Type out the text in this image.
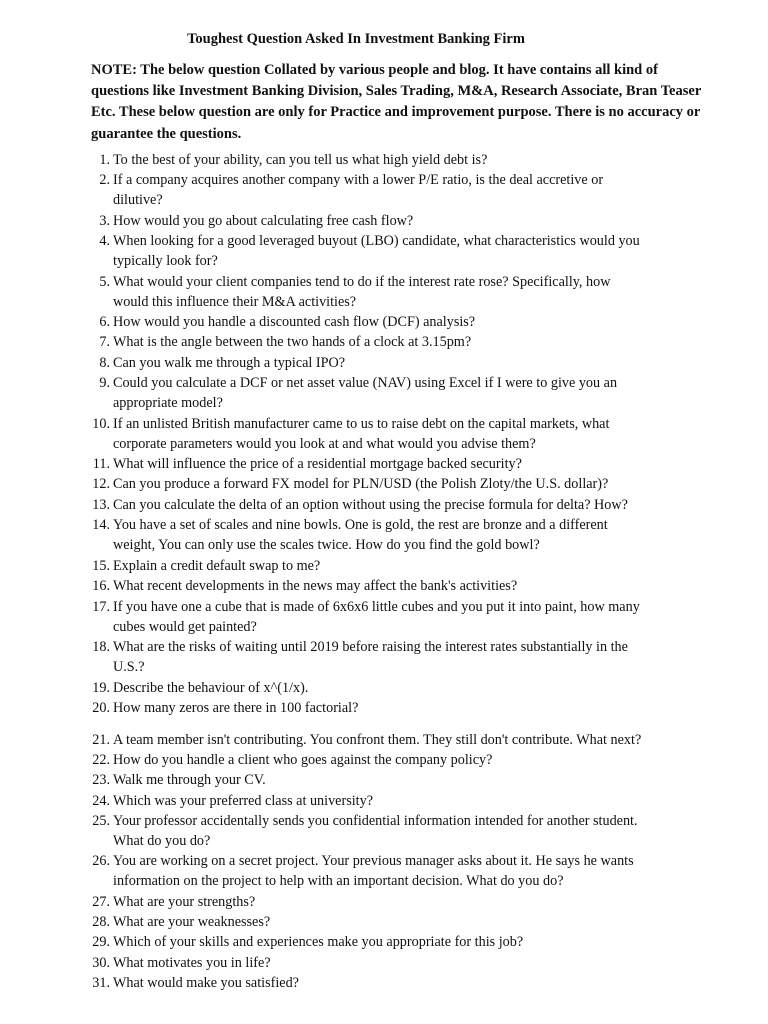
Toughest Question Asked In Investment Banking Firm
NOTE: The below question Collated by various people and blog. It have contains all kind of questions like Investment Banking Division, Sales Trading, M&A, Research Associate, Bran Teaser Etc. These below question are only for Practice and improvement purpose. There is no accuracy or guarantee the questions.
1. To the best of your ability, can you tell us what high yield debt is?
2. If a company acquires another company with a lower P/E ratio, is the deal accretive or
dilutive?
3. How would you go about calculating free cash flow?
4. When looking for a good leveraged buyout (LBO) candidate, what characteristics would you
typically look for?
5. What would your client companies tend to do if the interest rate rose? Specifically, how
would this influence their M&A activities?
6. How would you handle a discounted cash flow (DCF) analysis?
7. What is the angle between the two hands of a clock at 3.15pm?
8. Can you walk me through a typical IPO?
9. Could you calculate a DCF or net asset value (NAV) using Excel if I were to give you an
appropriate model?
10. If an unlisted British manufacturer came to us to raise debt on the capital markets, what
corporate parameters would you look at and what would you advise them?
11. What will influence the price of a residential mortgage backed security?
12. Can you produce a forward FX model for PLN/USD (the Polish Zloty/the U.S. dollar)?
13. Can you calculate the delta of an option without using the precise formula for delta? How?
14. You have a set of scales and nine bowls. One is gold, the rest are bronze and a different
weight, You can only use the scales twice. How do you find the gold bowl?
15. Explain a credit default swap to me?
16. What recent developments in the news may affect the bank's activities?
17. If you have one a cube that is made of 6x6x6 little cubes and you put it into paint, how many
cubes would get painted?
18. What are the risks of waiting until 2019 before raising the interest rates substantially in the
U.S.?
19. Describe the behaviour of x^(1/x).
20. How many zeros are there in 100 factorial?
21. A team member isn't contributing. You confront them. They still don't contribute. What next?
22. How do you handle a client who goes against the company policy?
23. Walk me through your CV.
24. Which was your preferred class at university?
25. Your professor accidentally sends you confidential information intended for another student.
What do you do?
26. You are working on a secret project. Your previous manager asks about it. He says he wants
information on the project to help with an important decision. What do you do?
27. What are your strengths?
28. What are your weaknesses?
29. Which of your skills and experiences make you appropriate for this job?
30. What motivates you in life?
31. What would make you satisfied?
